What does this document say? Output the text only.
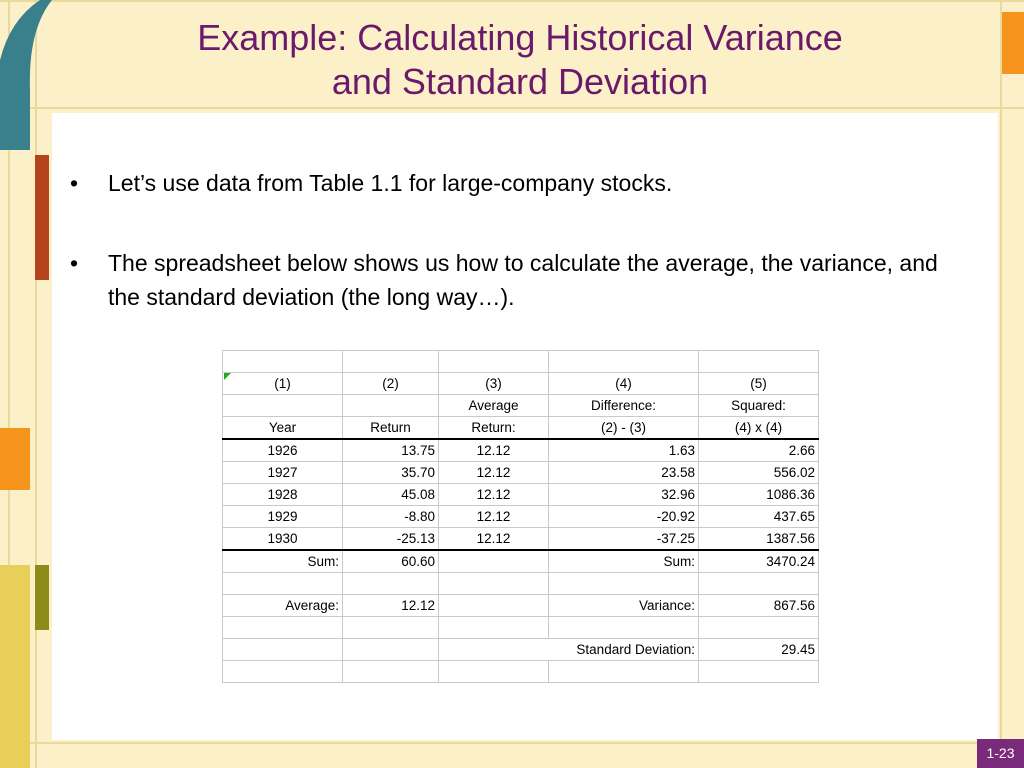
Example: Calculating Historical Variance
and Standard Deviation
•	Let’s use data from Table 1.1 for large-company stocks.
•	The spreadsheet below shows us how to calculate the average, the variance, and the standard deviation (the long way…).

(1)	(2)	(3)	(4)	(5)
		Average	Difference:	Squared:
Year	Return	Return:	(2) - (3)	(4) x (4)
1926	13.75	12.12	1.63	2.66
1927	35.70	12.12	23.58	556.02
1928	45.08	12.12	32.96	1086.36
1929	-8.80	12.12	-20.92	437.65
1930	-25.13	12.12	-37.25	1387.56
Sum:	60.60		Sum:	3470.24

Average:	12.12		Variance:	867.56

		Standard Deviation:		29.45

1-23
